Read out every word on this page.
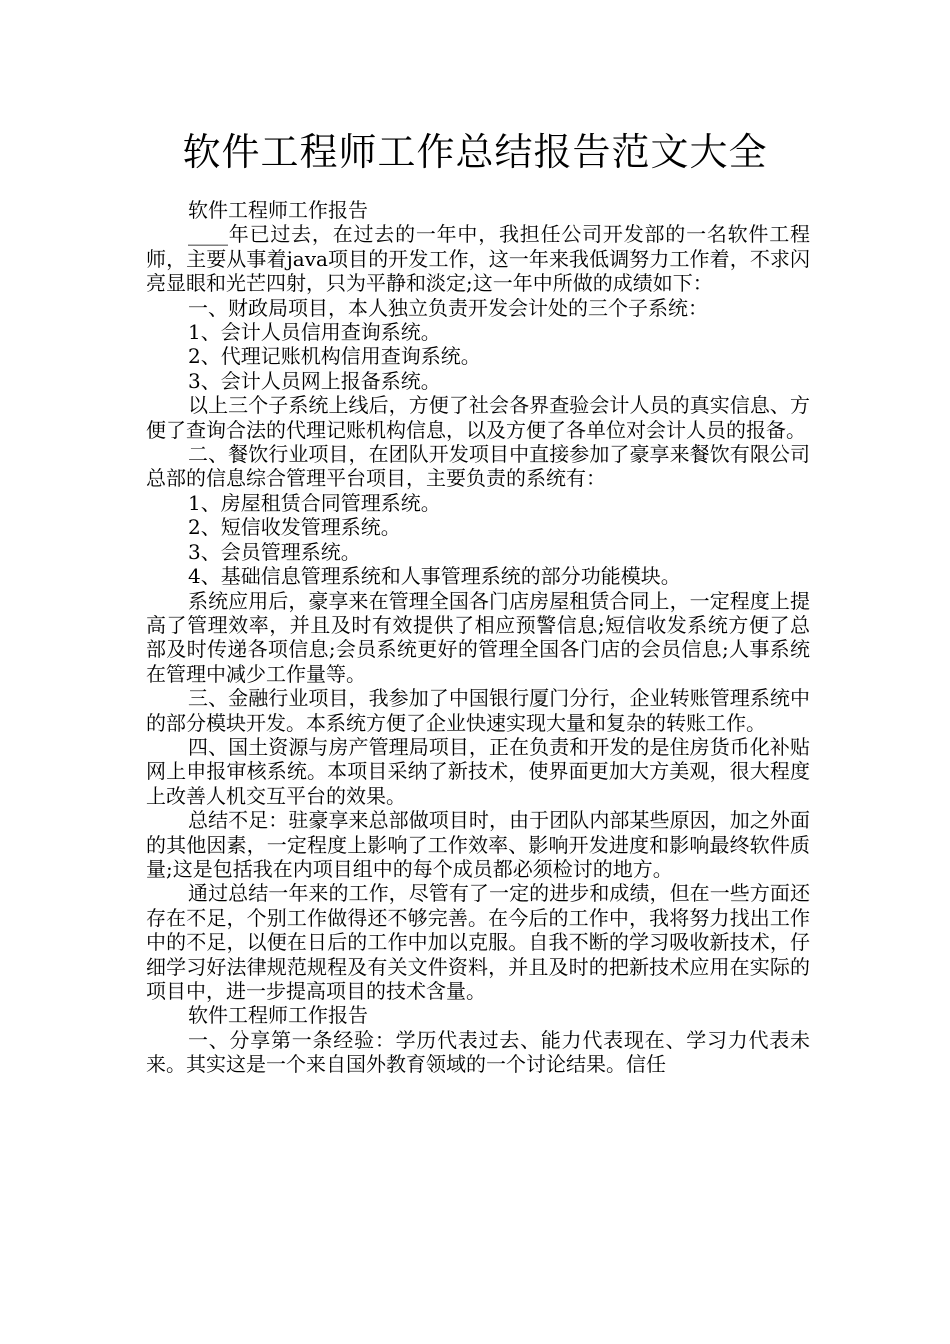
软件工程师工作总结报告范文大全

软件工程师工作报告

____年已过去，在过去的一年中，我担任公司开发部的一名软件工程师，主要从事着java项目的开发工作，这一年来我低调努力工作着，不求闪亮显眼和光芒四射，只为平静和淡定;这一年中所做的成绩如下：

一、财政局项目，本人独立负责开发会计处的三个子系统：

1、会计人员信用查询系统。

2、代理记账机构信用查询系统。

3、会计人员网上报备系统。

以上三个子系统上线后，方便了社会各界查验会计人员的真实信息、方便了查询合法的代理记账机构信息，以及方便了各单位对会计人员的报备。

二、餐饮行业项目，在团队开发项目中直接参加了豪享来餐饮有限公司总部的信息综合管理平台项目，主要负责的系统有：

1、房屋租赁合同管理系统。

2、短信收发管理系统。

3、会员管理系统。

4、基础信息管理系统和人事管理系统的部分功能模块。

系统应用后，豪享来在管理全国各门店房屋租赁合同上，一定程度上提高了管理效率，并且及时有效提供了相应预警信息;短信收发系统方便了总部及时传递各项信息;会员系统更好的管理全国各门店的会员信息;人事系统在管理中减少工作量等。

三、金融行业项目，我参加了中国银行厦门分行，企业转账管理系统中的部分模块开发。本系统方便了企业快速实现大量和复杂的转账工作。

四、国土资源与房产管理局项目，正在负责和开发的是住房货币化补贴网上申报审核系统。本项目采纳了新技术，使界面更加大方美观，很大程度上改善人机交互平台的效果。

总结不足：驻豪享来总部做项目时，由于团队内部某些原因，加之外面的其他因素，一定程度上影响了工作效率、影响开发进度和影响最终软件质量;这是包括我在内项目组中的每个成员都必须检讨的地方。

通过总结一年来的工作，尽管有了一定的进步和成绩，但在一些方面还存在不足，个别工作做得还不够完善。在今后的工作中，我将努力找出工作中的不足，以便在日后的工作中加以克服。自我不断的学习吸收新技术，仔细学习好法律规范规程及有关文件资料，并且及时的把新技术应用在实际的项目中，进一步提高项目的技术含量。

软件工程师工作报告

一、分享第一条经验：学历代表过去、能力代表现在、学习力代表未来。其实这是一个来自国外教育领域的一个讨论结果。信任
